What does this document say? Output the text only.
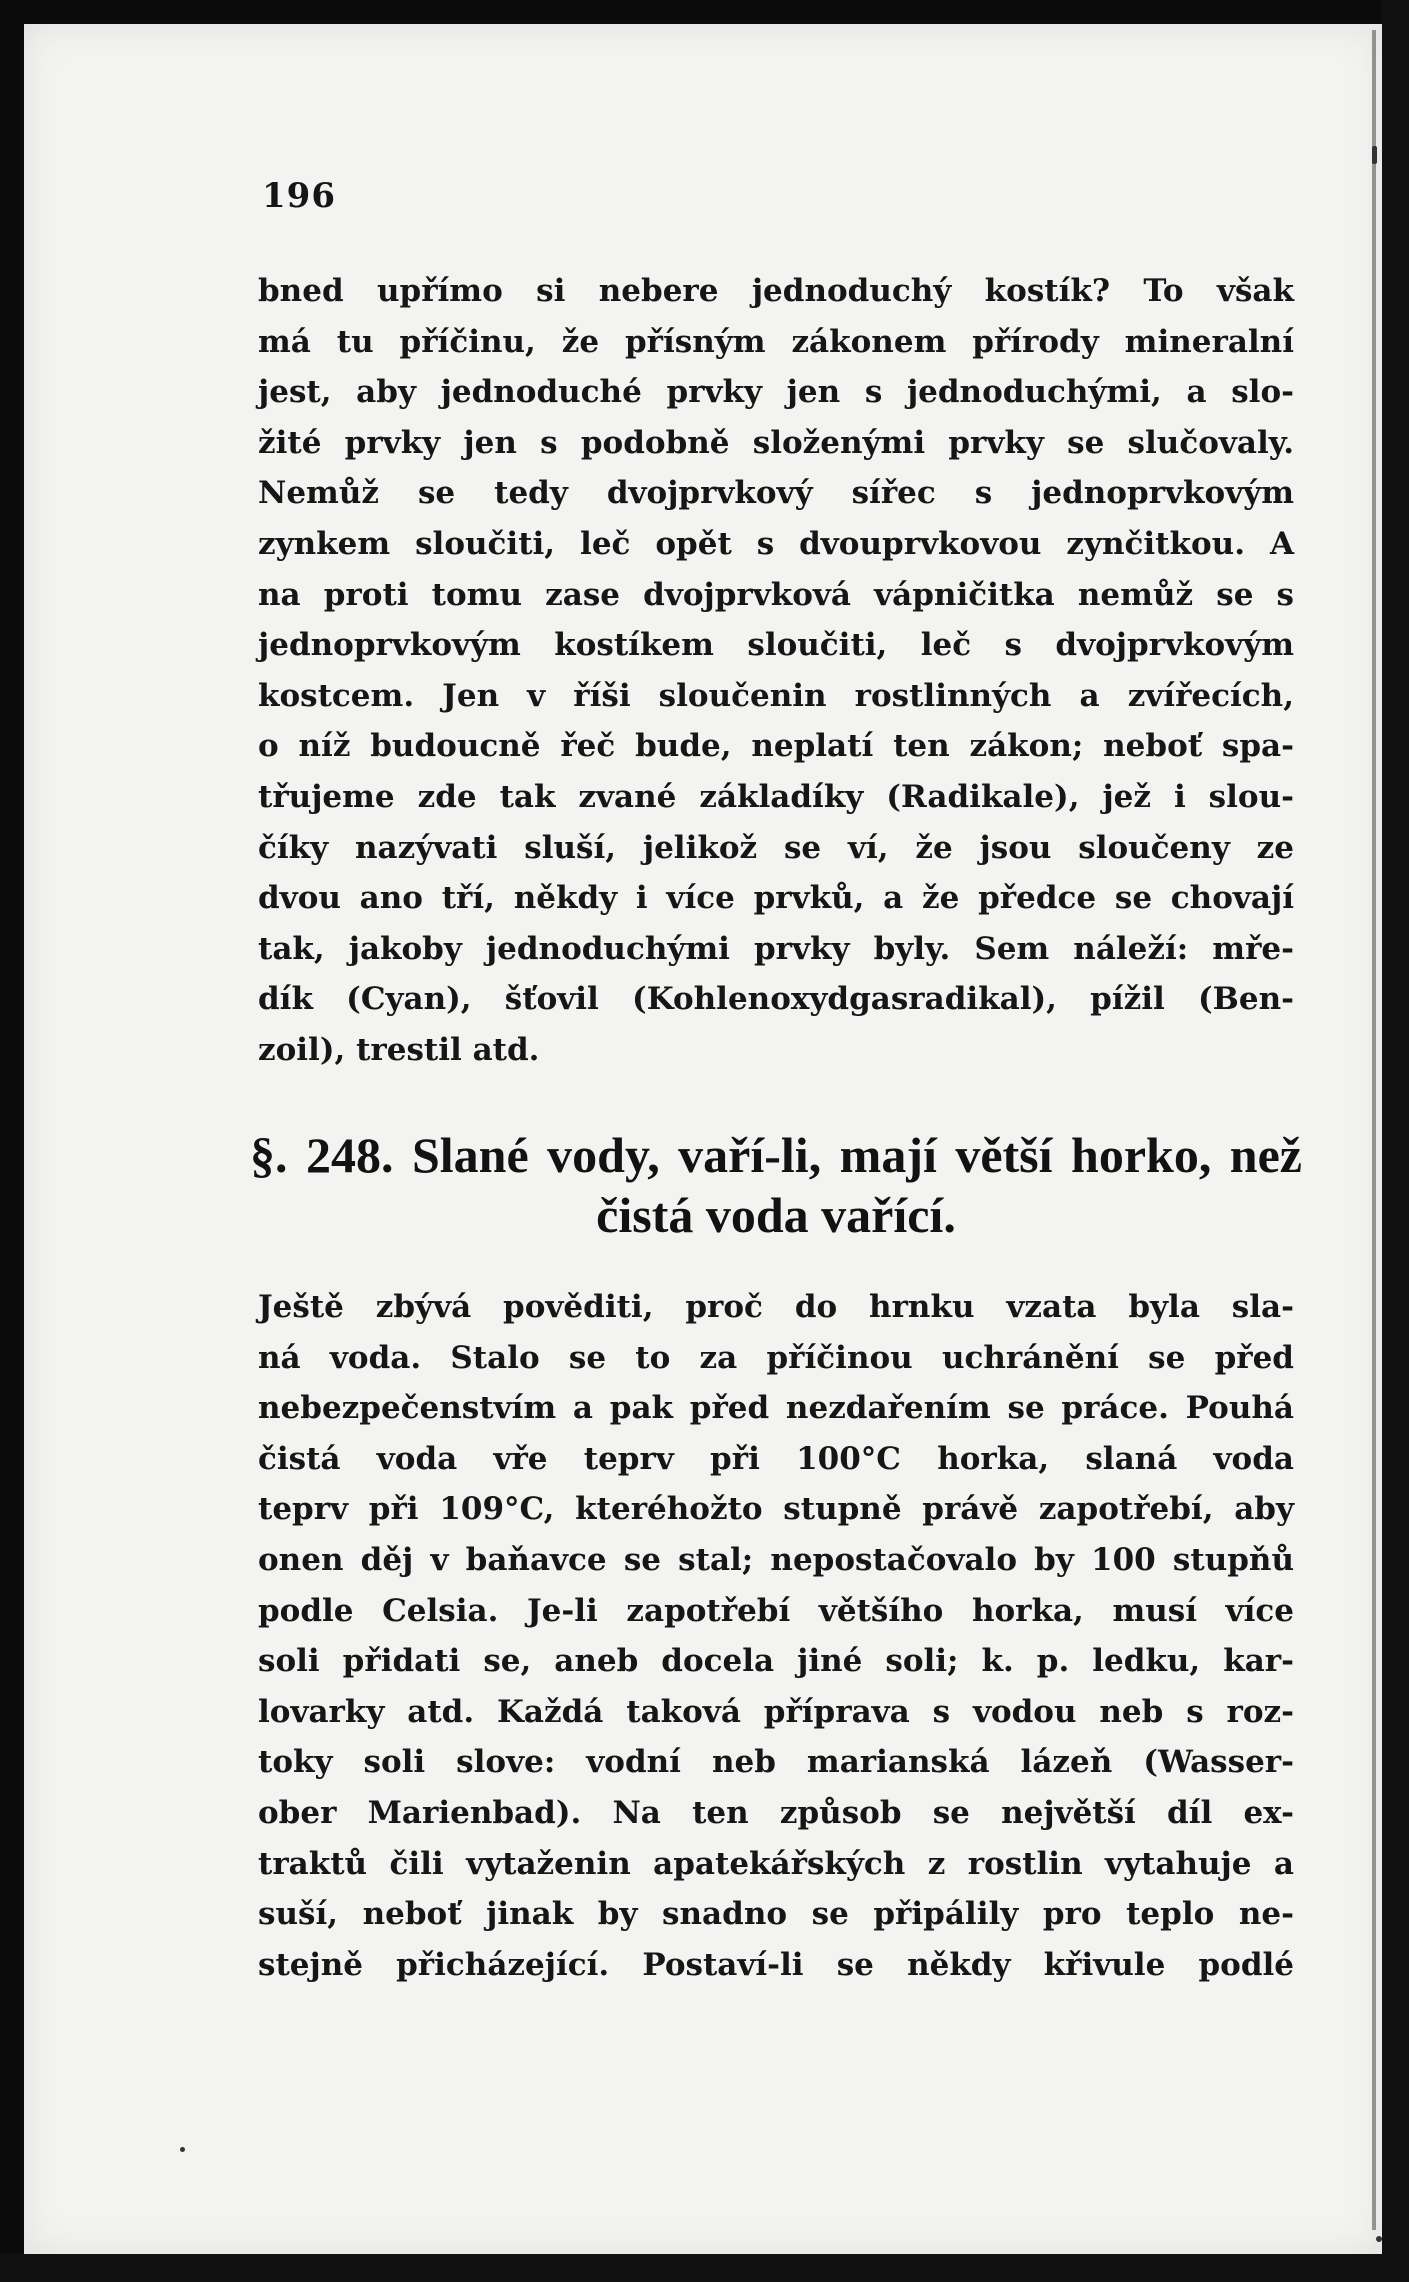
196
bned upřímo si nebere jednoduchý kostík? To však
má tu příčinu, že přísným zákonem přírody mineralní
jest, aby jednoduché prvky jen s jednoduchými, a slo-
žité prvky jen s podobně složenými prvky se slučovaly.
Nemůž se tedy dvojprvkový sířec s jednoprvkovým
zynkem sloučiti, leč opět s dvouprvkovou zynčitkou. A
na proti tomu zase dvojprvková vápničitka nemůž se s
jednoprvkovým kostíkem sloučiti, leč s dvojprvkovým
kostcem. Jen v říši sloučenin rostlinných a zvířecích,
o níž budoucně řeč bude, neplatí ten zákon; neboť spa-
třujeme zde tak zvané základíky (Radikale), jež i slou-
číky nazývati sluší, jelikož se ví, že jsou sloučeny ze
dvou ano tří, někdy i více prvků, a že předce se chovají
tak, jakoby jednoduchými prvky byly. Sem náleží: mře-
dík (Cyan), šťovil (Kohlenoxydgasradikal), pížil (Ben-
zoil), trestil atd.
§. 248. Slané vody, vaří-li, mají větší horko, než
čistá voda vařící.
Ještě zbývá pověditi, proč do hrnku vzata byla sla-
ná voda. Stalo se to za příčinou uchránění se před
nebezpečenstvím a pak před nezdařením se práce. Pouhá
čistá voda vře teprv při 100°C horka, slaná voda
teprv při 109°C, kteréhožto stupně právě zapotřebí, aby
onen děj v baňavce se stal; nepostačovalo by 100 stupňů
podle Celsia. Je-li zapotřebí většího horka, musí více
soli přidati se, aneb docela jiné soli; k. p. ledku, kar-
lovarky atd. Každá taková příprava s vodou neb s roz-
toky soli slove: vodní neb marianská lázeň (Wasser-
ober Marienbad). Na ten způsob se největší díl ex-
traktů čili vytaženin apatekářských z rostlin vytahuje a
suší, neboť jinak by snadno se připálily pro teplo ne-
stejně přicházející. Postaví-li se někdy křivule podlé
